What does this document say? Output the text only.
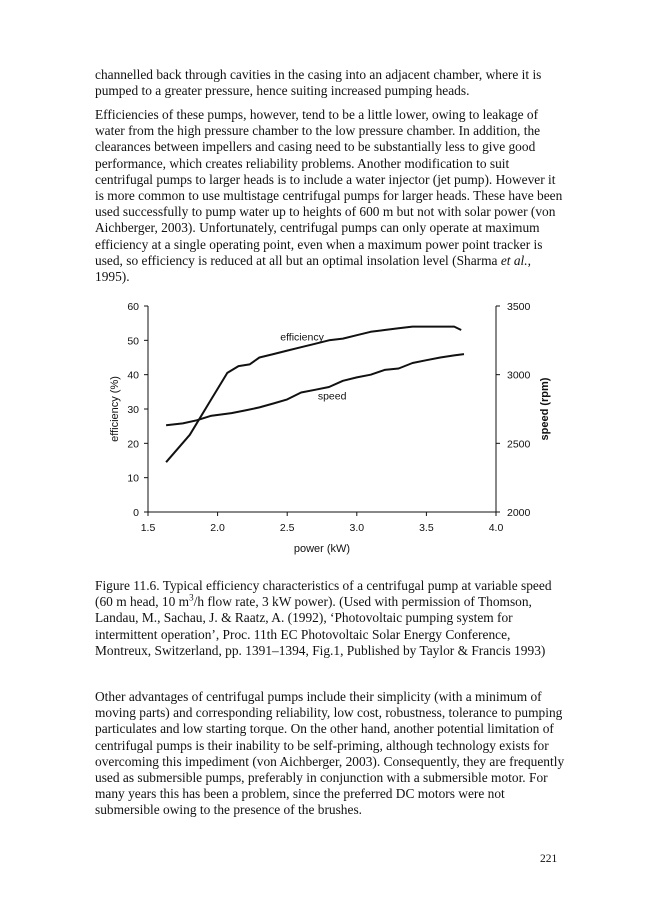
channelled back through cavities in the casing into an adjacent chamber, where it is pumped to a greater pressure, hence suiting increased pumping heads.

Efficiencies of these pumps, however, tend to be a little lower, owing to leakage of water from the high pressure chamber to the low pressure chamber. In addition, the clearances between impellers and casing need to be substantially less to give good performance, which creates reliability problems. Another modification to suit centrifugal pumps to larger heads is to include a water injector (jet pump). However it is more common to use multistage centrifugal pumps for larger heads. These have been used successfully to pump water up to heights of 600 m but not with solar power (von Aichberger, 2003). Unfortunately, centrifugal pumps can only operate at maximum efficiency at a single operating point, even when a maximum power point tracker is used, so efficiency is reduced at all but an optimal insolation level (Sharma et al., 1995).

0
10
20
30
40
50
60
2000
2500
3000
3500
1.5	2.0	2.5	3.0	3.5	4.0
power (kW)
efficiency (%)	speed (rpm)
efficiency
speed

Figure 11.6. Typical efficiency characteristics of a centrifugal pump at variable speed (60 m head, 10 $m^3/h$ flow rate, 3 kW power). (Used with permission of Thomson, Landau, M., Sachau, J. & Raatz, A. (1992), ‘Photovoltaic pumping system for intermittent operation’, Proc. 11th EC Photovoltaic Solar Energy Conference, Montreux, Switzerland, pp. 1391–1394, Fig.1, Published by Taylor & Francis 1993)

Other advantages of centrifugal pumps include their simplicity (with a minimum of moving parts) and corresponding reliability, low cost, robustness, tolerance to pumping particulates and low starting torque. On the other hand, another potential limitation of centrifugal pumps is their inability to be self-priming, although technology exists for overcoming this impediment (von Aichberger, 2003). Consequently, they are frequently used as submersible pumps, preferably in conjunction with a submersible motor. For many years this has been a problem, since the preferred DC motors were not submersible owing to the presence of the brushes.

221
